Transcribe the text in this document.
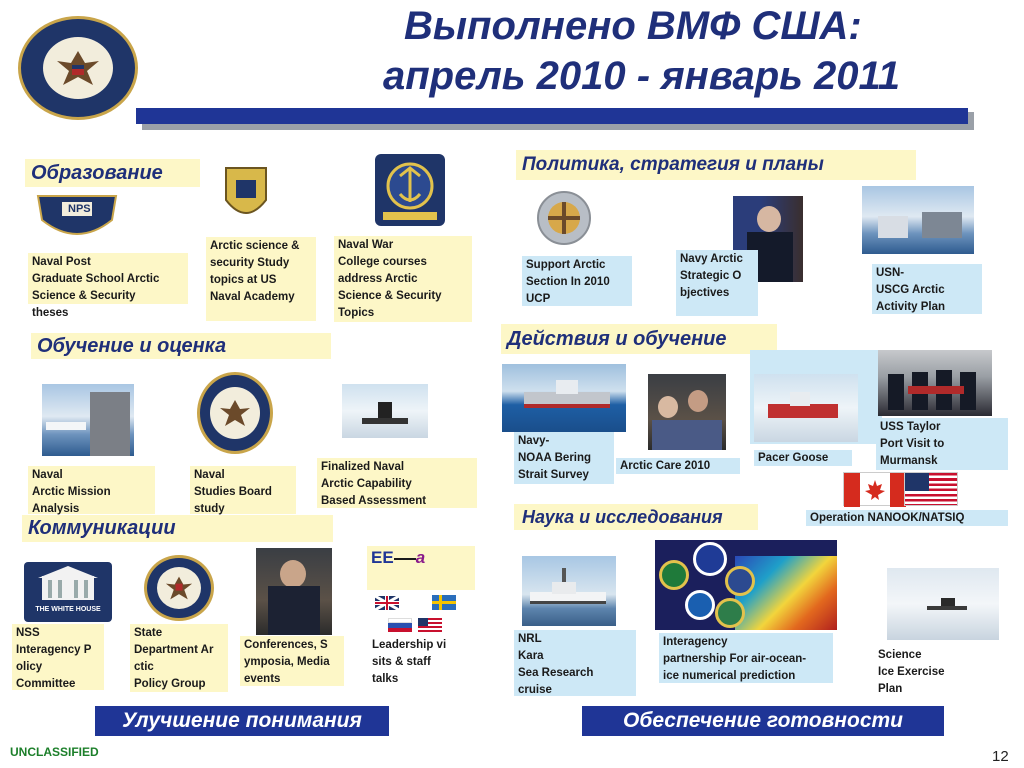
Выполнено ВМФ США:
апрель 2010 - январь 2011
Образование
NPS
Naval Post
Graduate School Arctic
Science & Security
theses
Arctic science &
security Study
topics at US
Naval Academy
Naval War
College courses
address Arctic
Science & Security
Topics
Обучение и оценка
Naval
Arctic Mission
Analysis
Naval
Studies Board
study
Finalized Naval
Arctic Capability
Based Assessment
Коммуникации
THE WHITE HOUSE
NSS
Interagency P
olicy
Committee
State
Department Ar
ctic
Policy Group
Conferences, S
ymposia, Media
events
EE a
Leadership vi
sits & staff
talks
Политика, стратегия и планы
Support Arctic
Section In 2010
UCP
Navy Arctic
Strategic O
bjectives
USN-
USCG Arctic
Activity Plan
Действия и обучение
Navy-
NOAA Bering
Strait Survey
Arctic Care 2010
Pacer Goose
USS Taylor
Port Visit to
Murmansk
Operation NANOOK/NATSIQ
Наука и исследования
NRL
Kara
Sea Research
cruise
Interagency
partnership For air-ocean-
ice numerical prediction
Science
Ice Exercise
Plan
Улучшение понимания	Обеспечение готовности
UNCLASSIFIED	12
